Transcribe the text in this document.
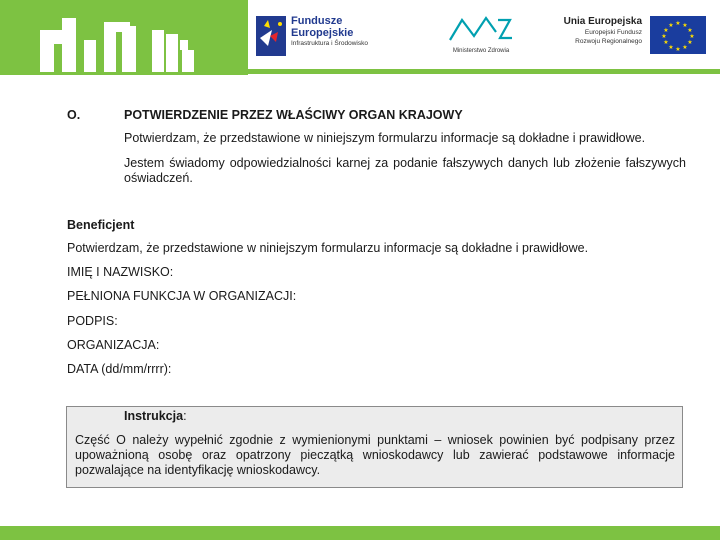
Fundusze
Europejskie
Infrastruktura i Środowisko
Ministerstwo Zdrowia
Unia Europejska
Europejski Fundusz
Rozwoju Regionalnego
★ ★
★
★
★
★
★
★
★
★
★
★
O.	POTWIERDZENIE PRZEZ WŁAŚCIWY ORGAN KRAJOWY
Potwierdzam, że przedstawione w niniejszym formularzu informacje są dokładne i prawidłowe.
Jestem świadomy odpowiedzialności karnej za podanie fałszywych danych lub złożenie fałszywych oświadczeń.
Beneficjent
Potwierdzam, że przedstawione w niniejszym formularzu informacje są dokładne i prawidłowe.
IMIĘ I NAZWISKO:
PEŁNIONA FUNKCJA W ORGANIZACJI:
PODPIS:
ORGANIZACJA:
DATA (dd/mm/rrrr):
Instrukcja:
Część O należy wypełnić zgodnie z wymienionymi punktami – wniosek powinien być podpisany przez upoważnioną osobę oraz opatrzony pieczątką wnioskodawcy lub zawierać podstawowe informacje pozwalające na identyfikację wnioskodawcy.
